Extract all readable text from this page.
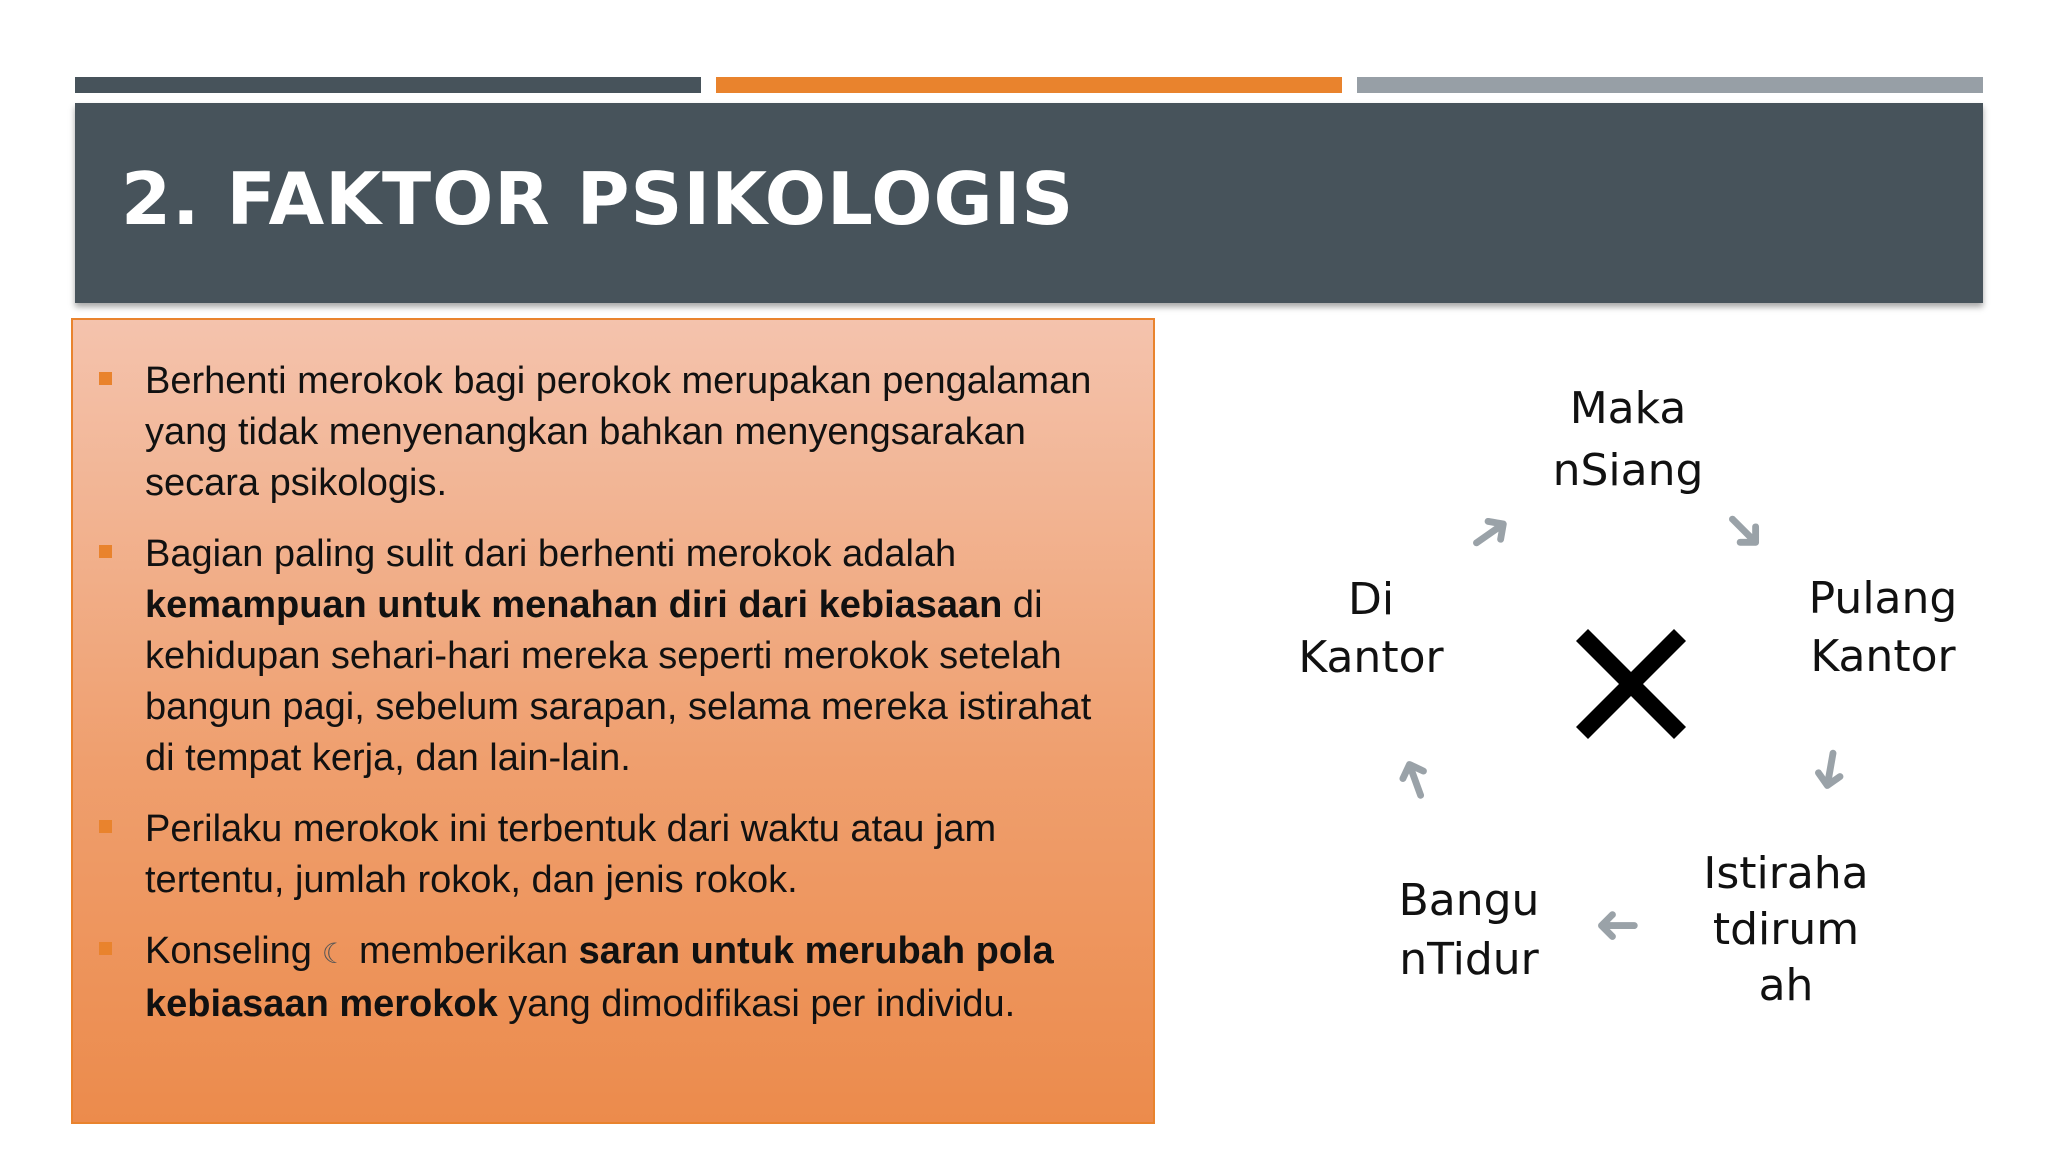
2. FAKTOR PSIKOLOGIS
Berhenti merokok bagi perokok merupakan pengalaman yang tidak menyenangkan bahkan menyengsarakan secara psikologis.
Bagian paling sulit dari berhenti merokok adalah kemampuan untuk menahan diri dari kebiasaan di kehidupan sehari-hari mereka seperti merokok setelah bangun pagi, sebelum sarapan, selama mereka istirahat di tempat kerja, dan lain-lain.
Perilaku merokok ini terbentuk dari waktu atau jam tertentu, jumlah rokok, dan jenis rokok.
Konseling ☾ memberikan saran untuk merubah pola kebiasaan merokok yang dimodifikasi per individu.
Maka
nSiang
Pulang
Kantor
Istiraha
tdirum
ah
Bangu
nTidur
Di
Kantor
➜	➜
➜
➜
➜
